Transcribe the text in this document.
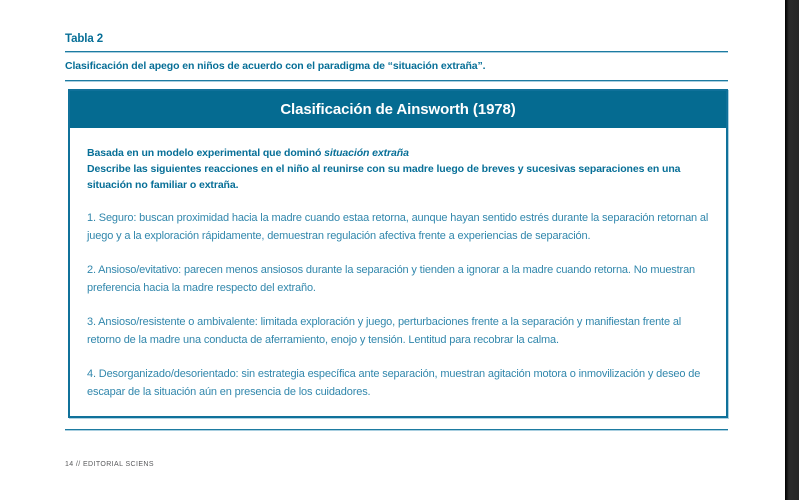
Tabla 2
Clasificación del apego en niños de acuerdo con el paradigma de “situación extraña”.
Clasificación de Ainsworth (1978)

Basada en un modelo experimental que dominó situación extraña

Describe las siguientes reacciones en el niño al reunirse con su madre luego de breves y sucesivas separaciones en una situación no familiar o extraña.

1. Seguro: buscan proximidad hacia la madre cuando estaa retorna, aunque hayan sentido estrés durante la separación retornan al juego y a la exploración rápidamente, demuestran regulación afectiva frente a experiencias de separación.

2. Ansioso/evitativo: parecen menos ansiosos durante la separación y tienden a ignorar a la madre cuando retorna. No muestran preferencia hacia la madre respecto del extraño.

3. Ansioso/resistente o ambivalente: limitada exploración y juego, perturbaciones frente a la separación y manifiestan frente al retorno de la madre una conducta de aferramiento, enojo y tensión. Lentitud para recobrar la calma.

4. Desorganizado/desorientado: sin estrategia específica ante separación, muestran agitación motora o inmovilización y deseo de escapar de la situación aún en presencia de los cuidadores.

14 // EDITORIAL SCIENS
